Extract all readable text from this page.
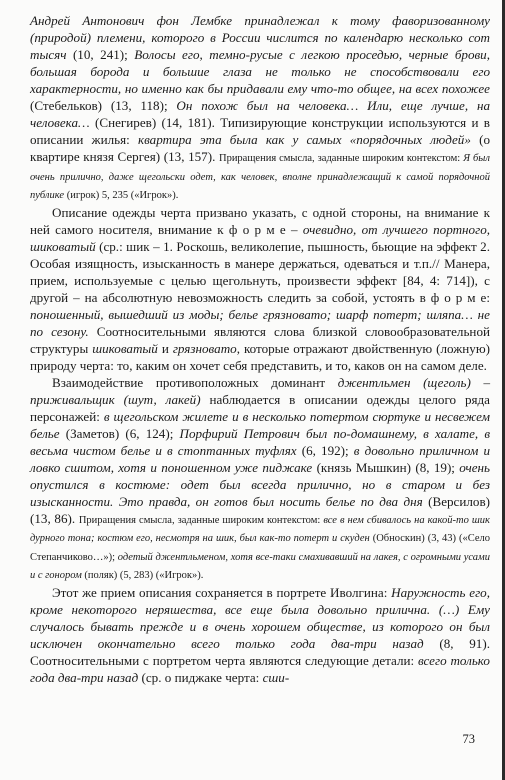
Андрей Антонович фон Лембке принадлежал к тому фаворизованному (природой) племени, которого в России числится по календарю несколько сот тысяч (10, 241); Волосы его, темно-русые с легкою проседью, черные брови, большая борода и большие глаза не только не способствовали его характерности, но именно как бы придавали ему что-то общее, на всех похожее (Стебельков) (13, 118); Он похож был на человека… Или, еще лучше, на человека… (Снегирев) (14, 181). Типизирующие конструкции используются и в описании жилья: квартира эта была как у самых «порядочных людей» (о квартире князя Сергея) (13, 157). Приращения смысла, заданные широким контекстом: Я был очень прилично, даже щегольски одет, как человек, вполне принадлежащий к самой порядочной публике (игрок) 5, 235 («Игрок»).

Описание одежды черта призвано указать, с одной стороны, на внимание к ней самого носителя, внимание к ф о р м е – очевидно, от лучшего портного, шиковатый (ср.: шик – 1. Роскошь, великолепие, пышность, бьющие на эффект 2. Особая изящность, изысканность в манере держаться, одеваться и т.п.// Манера, прием, используемые с целью щегольнуть, произвести эффект [84, 4: 714]), с другой – на абсолютную невозможность следить за собой, устоять в ф о р м е: поношенный, вышедший из моды; белье грязновато; шарф потерт; шляпа… не по сезону. Соотносительными являются слова близкой словообразовательной структуры шиковатый и грязновато, которые отражают двойственную (ложную) природу черта: то, каким он хочет себя представить, и то, каков он на самом деле.

Взаимодействие противоположных доминант джентльмен (щеголь) – приживальщик (шут, лакей) наблюдается в описании одежды целого ряда персонажей: в щегольском жилете и в несколько потертом сюртуке и несвежем белье (Заметов) (6, 124); Порфирий Петрович был по-домашнему, в халате, в весьма чистом белье и в стоптанных туфлях (6, 192); в довольно приличном и ловко сшитом, хотя и поношенном уже пиджаке (князь Мышкин) (8, 19); очень опустился в костюме: одет был всегда прилично, но в старом и без изысканности. Это правда, он готов был носить белье по два дня (Версилов) (13, 86). Приращения смысла, заданные широким контекстом: все в нем сбивалось на какой-то шик дурного тона; костюм его, несмотря на шик, был как-то потерт и скуден (Обноскин) (3, 43) («Село Степанчиково…»); одетый джентльменом, хотя все-таки смахивавший на лакея, с огромными усами и с гонором (поляк) (5, 283) («Игрок»).

Этот же прием описания сохраняется в портрете Иволгина: Наружность его, кроме некоторого неряшества, все еще была довольно прилична. (…) Ему случалось бывать прежде и в очень хорошем обществе, из которого он был исключен окончательно всего только года два-три назад (8, 91). Соотносительными с портретом черта являются следующие детали: всего только года два-три назад (ср. о пиджаке черта: сши-

73
